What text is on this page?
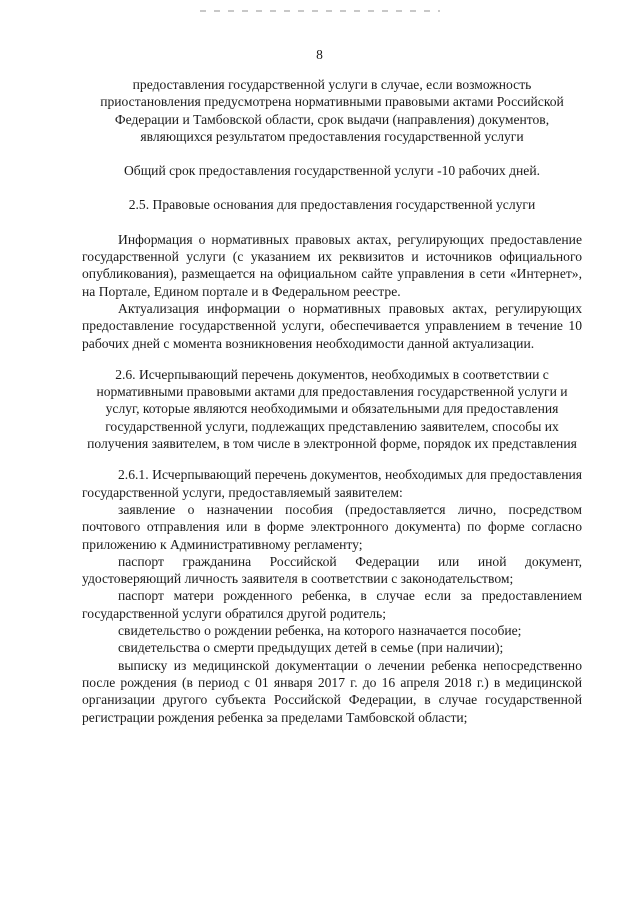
8

предоставления государственной услуги в случае, если возможность приостановления предусмотрена нормативными правовыми актами Российской Федерации и Тамбовской области, срок выдачи (направления) документов, являющихся результатом предоставления государственной услуги

Общий срок предоставления государственной услуги -10 рабочих дней.

2.5. Правовые основания для предоставления государственной услуги

Информация о нормативных правовых актах, регулирующих предоставление государственной услуги (с указанием их реквизитов и источников официального опубликования), размещается на официальном сайте управления в сети «Интернет», на Портале, Едином портале и в Федеральном реестре.

Актуализация информации о нормативных правовых актах, регулирующих предоставление государственной услуги, обеспечивается управлением в течение 10 рабочих дней с момента возникновения необходимости данной актуализации.

2.6. Исчерпывающий перечень документов, необходимых в соответствии с нормативными правовыми актами для предоставления государственной услуги и услуг, которые являются необходимыми и обязательными для предоставления государственной услуги, подлежащих представлению заявителем, способы их получения заявителем, в том числе в электронной форме, порядок их представления

2.6.1. Исчерпывающий перечень документов, необходимых для предоставления государственной услуги, предоставляемый заявителем:

заявление о назначении пособия (предоставляется лично, посредством почтового отправления или в форме электронного документа) по форме согласно приложению к Административному регламенту;

паспорт гражданина Российской Федерации или иной документ, удостоверяющий личность заявителя в соответствии с законодательством;

паспорт матери рожденного ребенка, в случае если за предоставлением государственной услуги обратился другой родитель;

свидетельство о рождении ребенка, на которого назначается пособие;

свидетельства о смерти предыдущих детей в семье (при наличии);

выписку из медицинской документации о лечении ребенка непосредственно после рождения (в период с 01 января 2017 г. до 16 апреля 2018 г.) в медицинской организации другого субъекта Российской Федерации, в случае государственной регистрации рождения ребенка за пределами Тамбовской области;
